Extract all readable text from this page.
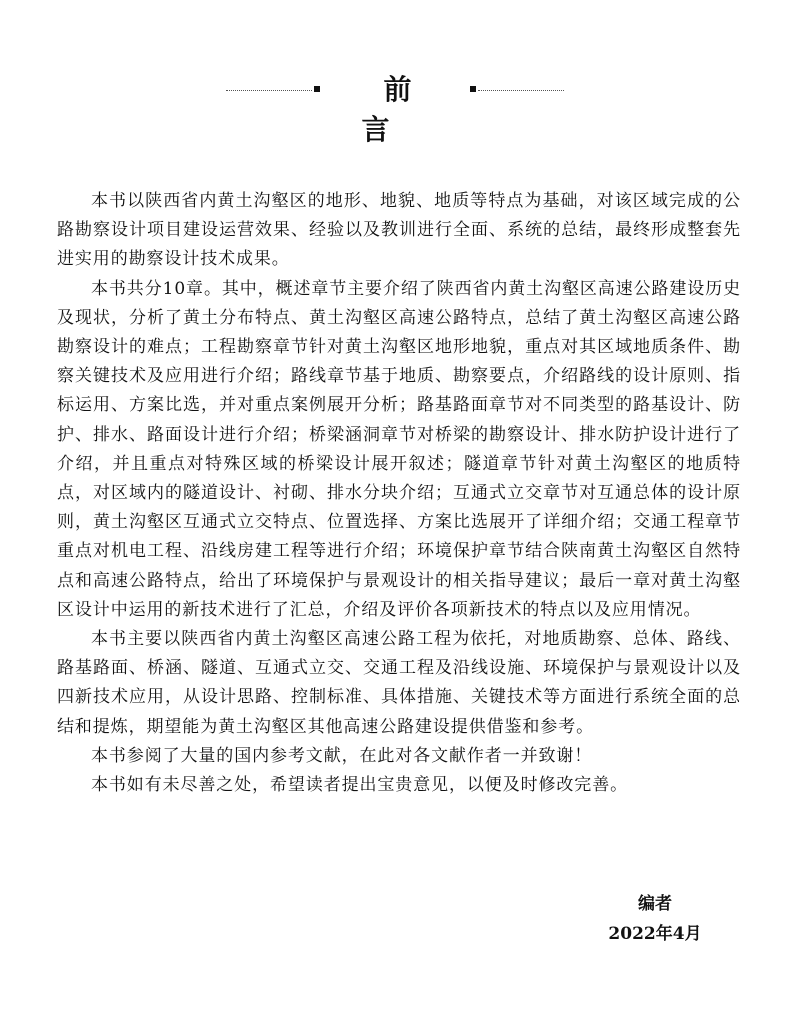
前言

本书以陕西省内黄土沟壑区的地形、地貌、地质等特点为基础，对该区域完成的公路勘察设计项目建设运营效果、经验以及教训进行全面、系统的总结，最终形成整套先进实用的勘察设计技术成果。

本书共分10章。其中，概述章节主要介绍了陕西省内黄土沟壑区高速公路建设历史及现状，分析了黄土分布特点、黄土沟壑区高速公路特点，总结了黄土沟壑区高速公路勘察设计的难点；工程勘察章节针对黄土沟壑区地形地貌，重点对其区域地质条件、勘察关键技术及应用进行介绍；路线章节基于地质、勘察要点，介绍路线的设计原则、指标运用、方案比选，并对重点案例展开分析；路基路面章节对不同类型的路基设计、防护、排水、路面设计进行介绍；桥梁涵洞章节对桥梁的勘察设计、排水防护设计进行了介绍，并且重点对特殊区域的桥梁设计展开叙述；隧道章节针对黄土沟壑区的地质特点，对区域内的隧道设计、衬砌、排水分块介绍；互通式立交章节对互通总体的设计原则，黄土沟壑区互通式立交特点、位置选择、方案比选展开了详细介绍；交通工程章节重点对机电工程、沿线房建工程等进行介绍；环境保护章节结合陕南黄土沟壑区自然特点和高速公路特点，给出了环境保护与景观设计的相关指导建议；最后一章对黄土沟壑区设计中运用的新技术进行了汇总，介绍及评价各项新技术的特点以及应用情况。

本书主要以陕西省内黄土沟壑区高速公路工程为依托，对地质勘察、总体、路线、路基路面、桥涵、隧道、互通式立交、交通工程及沿线设施、环境保护与景观设计以及四新技术应用，从设计思路、控制标准、具体措施、关键技术等方面进行系统全面的总结和提炼，期望能为黄土沟壑区其他高速公路建设提供借鉴和参考。

本书参阅了大量的国内参考文献，在此对各文献作者一并致谢！

本书如有未尽善之处，希望读者提出宝贵意见，以便及时修改完善。

编者
2022年4月
